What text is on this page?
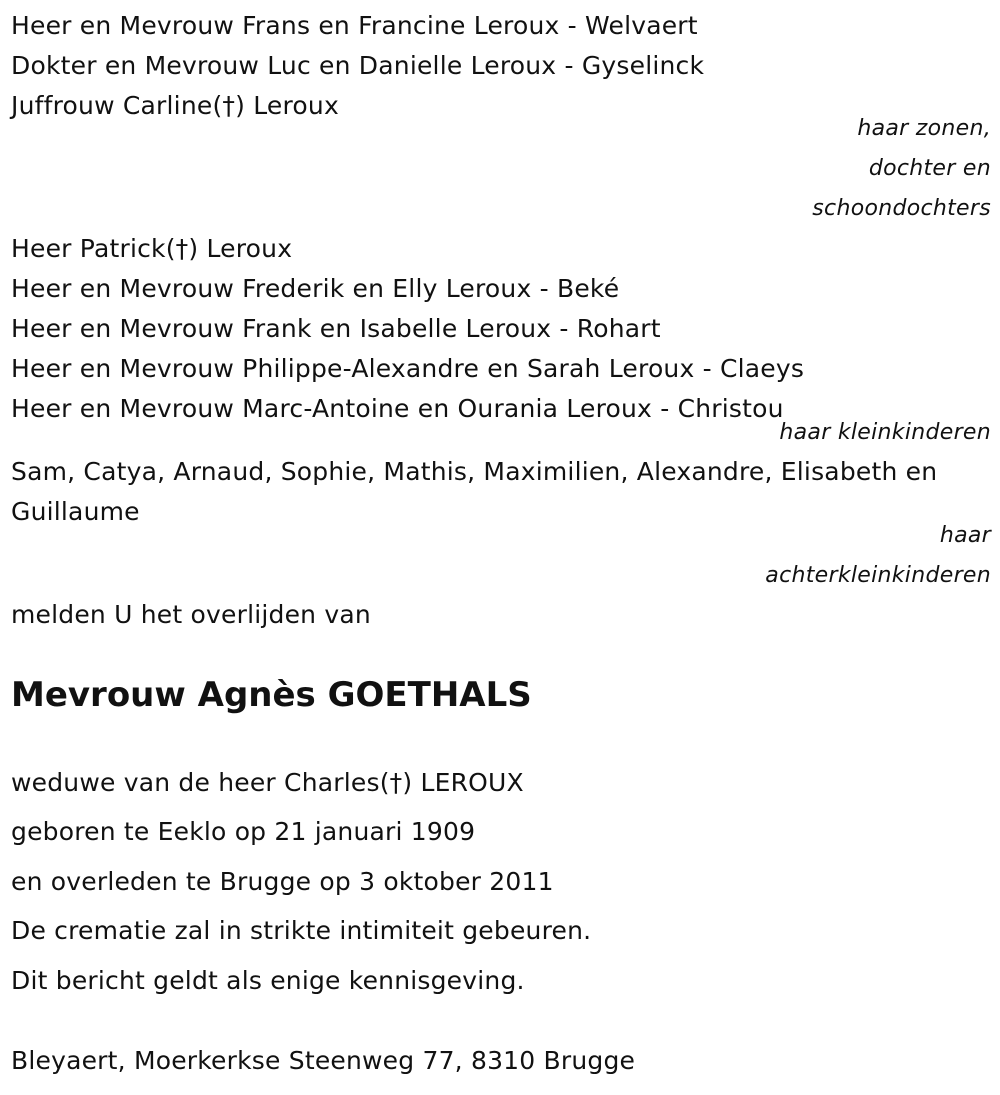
Heer en Mevrouw Frans en Francine Leroux - Welvaert
Dokter en Mevrouw Luc en Danielle Leroux - Gyselinck
Juffrouw Carline(†) Leroux
haar zonen,
dochter en
schoondochters
Heer Patrick(†) Leroux
Heer en Mevrouw Frederik en Elly Leroux - Beké
Heer en Mevrouw Frank en Isabelle Leroux - Rohart
Heer en Mevrouw Philippe-Alexandre en Sarah Leroux - Claeys
Heer en Mevrouw Marc-Antoine en Ourania Leroux - Christou
haar kleinkinderen
Sam, Catya, Arnaud, Sophie, Mathis, Maximilien, Alexandre, Elisabeth en
Guillaume
haar
achterkleinkinderen
melden U het overlijden van
Mevrouw Agnès GOETHALS
weduwe van de heer Charles(†) LEROUX
geboren te Eeklo op 21 januari 1909
en overleden te Brugge op 3 oktober 2011
De crematie zal in strikte intimiteit gebeuren.
Dit bericht geldt als enige kennisgeving.
Bleyaert, Moerkerkse Steenweg 77, 8310 Brugge
